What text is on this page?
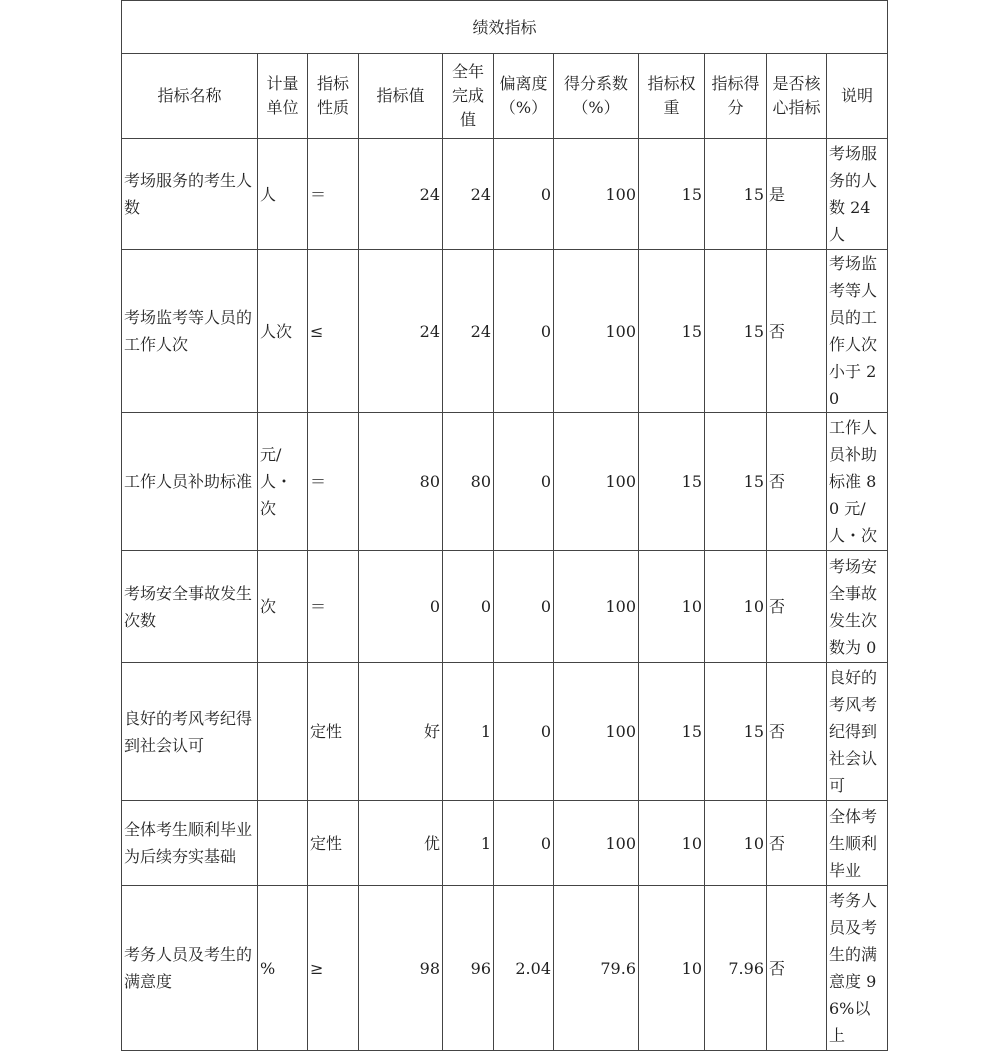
绩效指标										
指标名称	计量单位	指标性质	指标值	全年完成值	偏离度（%）	得分系数（%）	指标权重	指标得分	是否核心指标	说明
考场服务的考生人数	人	＝	24	24	0	100	15	15	是	考场服务的人数 24 人
考场监考等人员的工作人次	人次	≤	24	24	0	100	15	15	否	考场监考等人员的工作人次小于 20
工作人员补助标准	元/人・次	＝	80	80	0	100	15	15	否	工作人员补助标准 80 元/人・次
考场安全事故发生次数	次	＝	0	0	0	100	10	10	否	考场安全事故发生次数为 0
良好的考风考纪得到社会认可		定性	好	1	0	100	15	15	否	良好的考风考纪得到社会认可
全体考生顺利毕业为后续夯实基础		定性	优	1	0	100	10	10	否	全体考生顺利毕业
考务人员及考生的满意度	%	≥	98	96	2.04	79.6	10	7.96	否	考务人员及考生的满意度 96%以上
